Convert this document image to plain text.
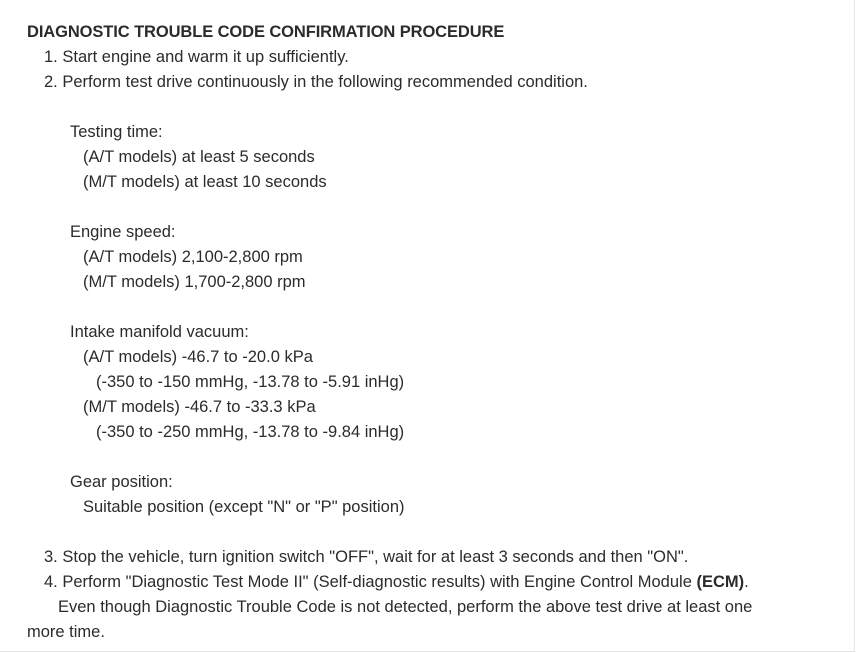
DIAGNOSTIC TROUBLE CODE CONFIRMATION PROCEDURE
1. Start engine and warm it up sufficiently.
2. Perform test drive continuously in the following recommended condition.
Testing time:
(A/T models) at least 5 seconds
(M/T models) at least 10 seconds
Engine speed:
(A/T models) 2,100-2,800 rpm
(M/T models) 1,700-2,800 rpm
Intake manifold vacuum:
(A/T models) -46.7 to -20.0 kPa
(-350 to -150 mmHg, -13.78 to -5.91 inHg)
(M/T models) -46.7 to -33.3 kPa
(-350 to -250 mmHg, -13.78 to -9.84 inHg)
Gear position:
Suitable position (except "N" or "P" position)
3. Stop the vehicle, turn ignition switch "OFF", wait for at least 3 seconds and then "ON".
4. Perform "Diagnostic Test Mode II" (Self-diagnostic results) with Engine Control Module (ECM).
Even though Diagnostic Trouble Code is not detected, perform the above test drive at least one
more time.
